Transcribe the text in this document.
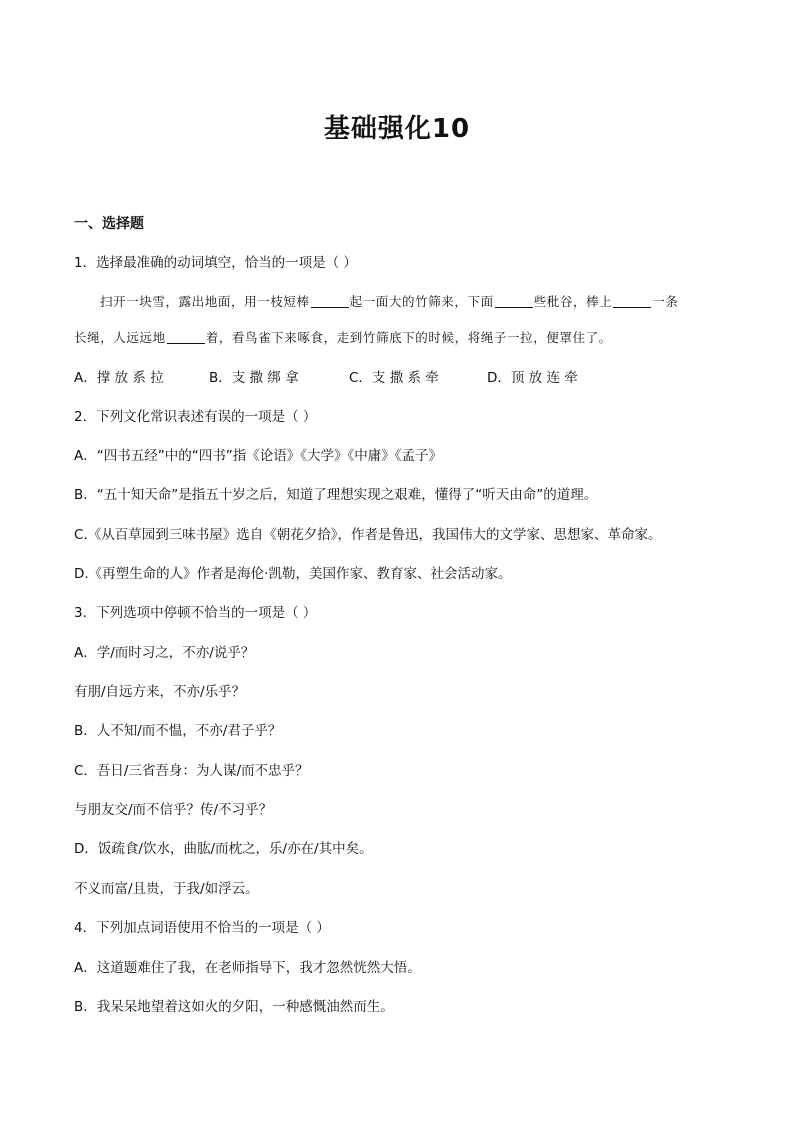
基础强化10
一、选择题
1．选择最准确的动词填空，恰当的一项是（ ）
扫开一块雪，露出地面，用一枝短棒	起一面大的竹筛来，下面	些秕谷，棒上	一条
长绳，人远远地	着，看鸟雀下来啄食，走到竹筛底下的时候，将绳子一拉，便罩住了。
A．撑 放 系 拉	B．支 撒 绑 拿	C．支 撒 系 牵	D．顶 放 连 牵
2．下列文化常识表述有误的一项是（ ）
A．“四书五经”中的“四书”指《论语》《大学》《中庸》《孟子》
B．“五十知天命”是指五十岁之后，知道了理想实现之艰难，懂得了“听天由命”的道理。
C.《从百草园到三味书屋》选自《朝花夕拾》，作者是鲁迅，我国伟大的文学家、思想家、革命家。
D.《再塑生命的人》作者是海伦·凯勒，美国作家、教育家、社会活动家。
3．下列选项中停顿不恰当的一项是（ ）
A．学/而时习之，不亦/说乎？
有朋/自远方来，不亦/乐乎？
B．人不知/而不愠，不亦/君子乎？
C．吾日/三省吾身：为人谋/而不忠乎？
与朋友交/而不信乎？传/不习乎？
D．饭疏食/饮水，曲肱/而枕之，乐/亦在/其中矣。
不义而富/且贵，于我/如浮云。
4．下列加点词语使用不恰当的一项是（ ）
A．这道题难住了我，在老师指导下，我才忽然恍然大悟。
B．我呆呆地望着这如火的夕阳，一种感慨油然而生。
